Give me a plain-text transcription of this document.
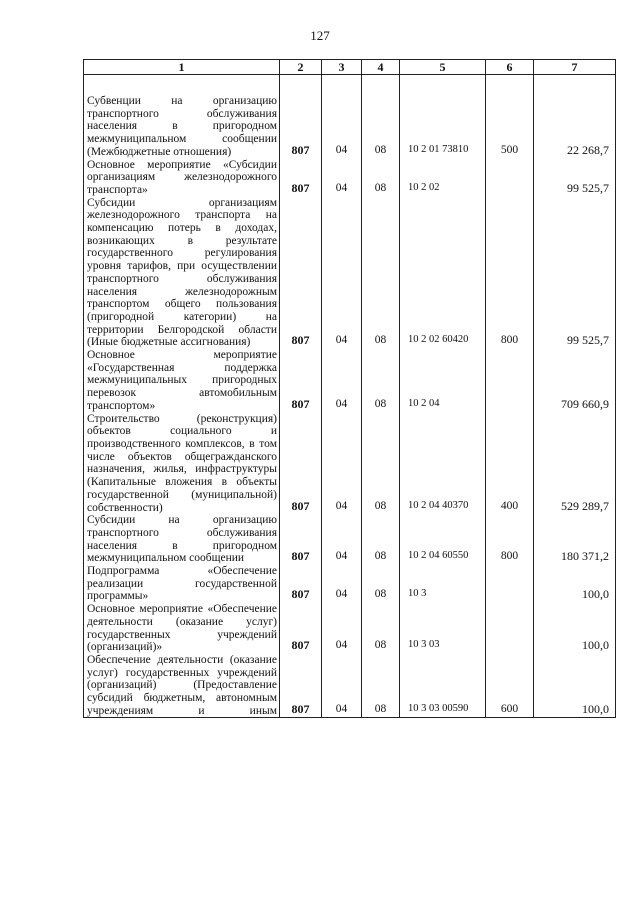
127
1	2	3	4	5	6	7

Субвенции на организацию транспортного обслуживания населения в пригородном межмуниципальном сообщении (Межбюджетные отношения)	807	04	08	10 2 01 73810	500	22 268,7

Основное мероприятие «Субсидии организациям железнодорожного транспорта»	807	04	08	10 2 02		99 525,7

Субсидии организациям железнодорожного транспорта на компенсацию потерь в доходах, возникающих в результате государственного регулирования уровня тарифов, при осуществлении транспортного обслуживания населения железнодорожным транспортом общего пользования (пригородной категории) на территории Белгородской области (Иные бюджетные ассигнования)	807	04	08	10 2 02 60420	800	99 525,7

Основное мероприятие «Государственная поддержка межмуниципальных пригородных перевозок автомобильным транспортом»	807	04	08	10 2 04		709 660,9

Строительство (реконструкция) объектов социального и производственного комплексов, в том числе объектов общегражданского назначения, жилья, инфраструктуры (Капитальные вложения в объекты государственной (муниципальной) собственности)	807	04	08	10 2 04 40370	400	529 289,7

Субсидии на организацию транспортного обслуживания населения в пригородном межмуниципальном сообщении	807	04	08	10 2 04 60550	800	180 371,2

Подпрограмма «Обеспечение реализации государственной программы»	807	04	08	10 3		100,0

Основное мероприятие «Обеспечение деятельности (оказание услуг) государственных учреждений (организаций)»	807	04	08	10 3 03		100,0

Обеспечение деятельности (оказание услуг) государственных учреждений (организаций) (Предоставление субсидий бюджетным, автономным учреждениям и иным	807	04	08	10 3 03 00590	600	100,0
